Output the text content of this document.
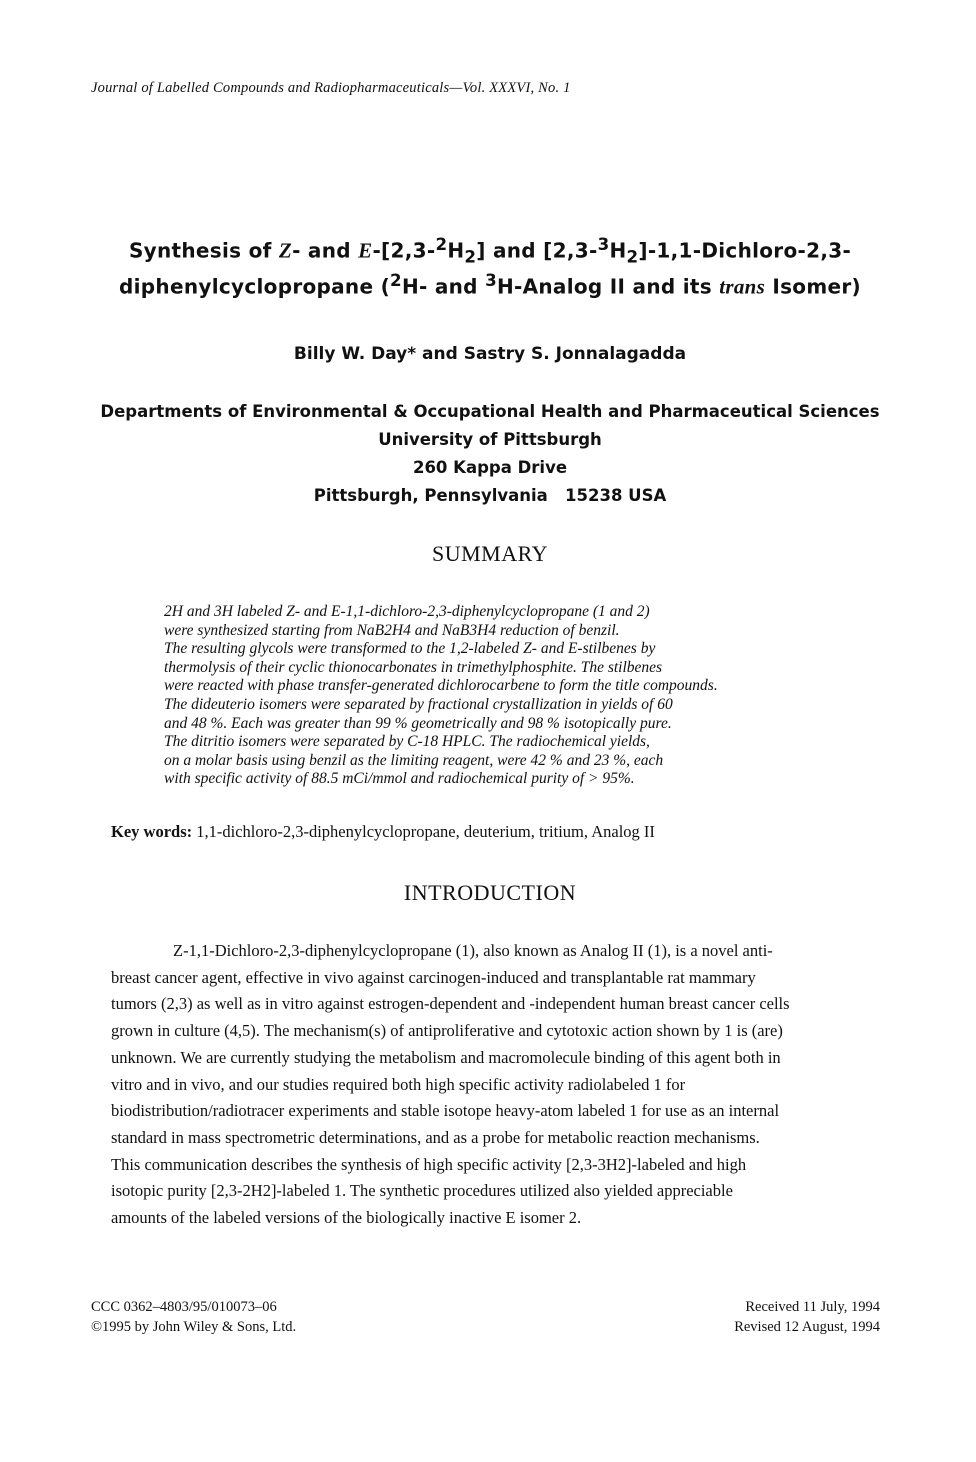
Journal of Labelled Compounds and Radiopharmaceuticals—Vol. XXXVI, No. 1
Synthesis of Z- and $E-[2,3-^2H_2]$ and $[2,3-^3H_2]-1,1-Dichloro-2,3-$
diphenylcyclopropane ($^2$H- and $^3$H-Analog II and its trans Isomer)
Billy W. Day* and Sastry S. Jonnalagadda
Departments of Environmental & Occupational Health and Pharmaceutical Sciences
University of Pittsburgh
260 Kappa Drive
Pittsburgh, Pennsylvania   15238 USA
SUMMARY
2H and 3H labeled Z- and E-1,1-dichloro-2,3-diphenylcyclopropane (1 and 2)
were synthesized starting from NaB2H4 and NaB3H4 reduction of benzil.
The resulting glycols were transformed to the 1,2-labeled Z- and E-stilbenes by
thermolysis of their cyclic thionocarbonates in trimethylphosphite. The stilbenes
were reacted with phase transfer-generated dichlorocarbene to form the title compounds.
The dideuterio isomers were separated by fractional crystallization in yields of 60
and 48 %. Each was greater than 99 % geometrically and 98 % isotopically pure.
The ditritio isomers were separated by C-18 HPLC. The radiochemical yields,
on a molar basis using benzil as the limiting reagent, were 42 % and 23 %, each
with specific activity of 88.5 mCi/mmol and radiochemical purity of > 95%.
Key words: 1,1-dichloro-2,3-diphenylcyclopropane, deuterium, tritium, Analog II
INTRODUCTION
Z-1,1-Dichloro-2,3-diphenylcyclopropane (1), also known as Analog II (1), is a novel anti-
breast cancer agent, effective in vivo against carcinogen-induced and transplantable rat mammary
tumors (2,3) as well as in vitro against estrogen-dependent and -independent human breast cancer cells
grown in culture (4,5). The mechanism(s) of antiproliferative and cytotoxic action shown by 1 is (are)
unknown. We are currently studying the metabolism and macromolecule binding of this agent both in
vitro and in vivo, and our studies required both high specific activity radiolabeled 1 for
biodistribution/radiotracer experiments and stable isotope heavy-atom labeled 1 for use as an internal
standard in mass spectrometric determinations, and as a probe for metabolic reaction mechanisms.
This communication describes the synthesis of high specific activity [2,3-3H2]-labeled and high
isotopic purity [2,3-2H2]-labeled 1. The synthetic procedures utilized also yielded appreciable
amounts of the labeled versions of the biologically inactive E isomer 2.
CCC 0362–4803/95/010073–06
©1995 by John Wiley & Sons, Ltd.
Received 11 July, 1994
Revised 12 August, 1994
